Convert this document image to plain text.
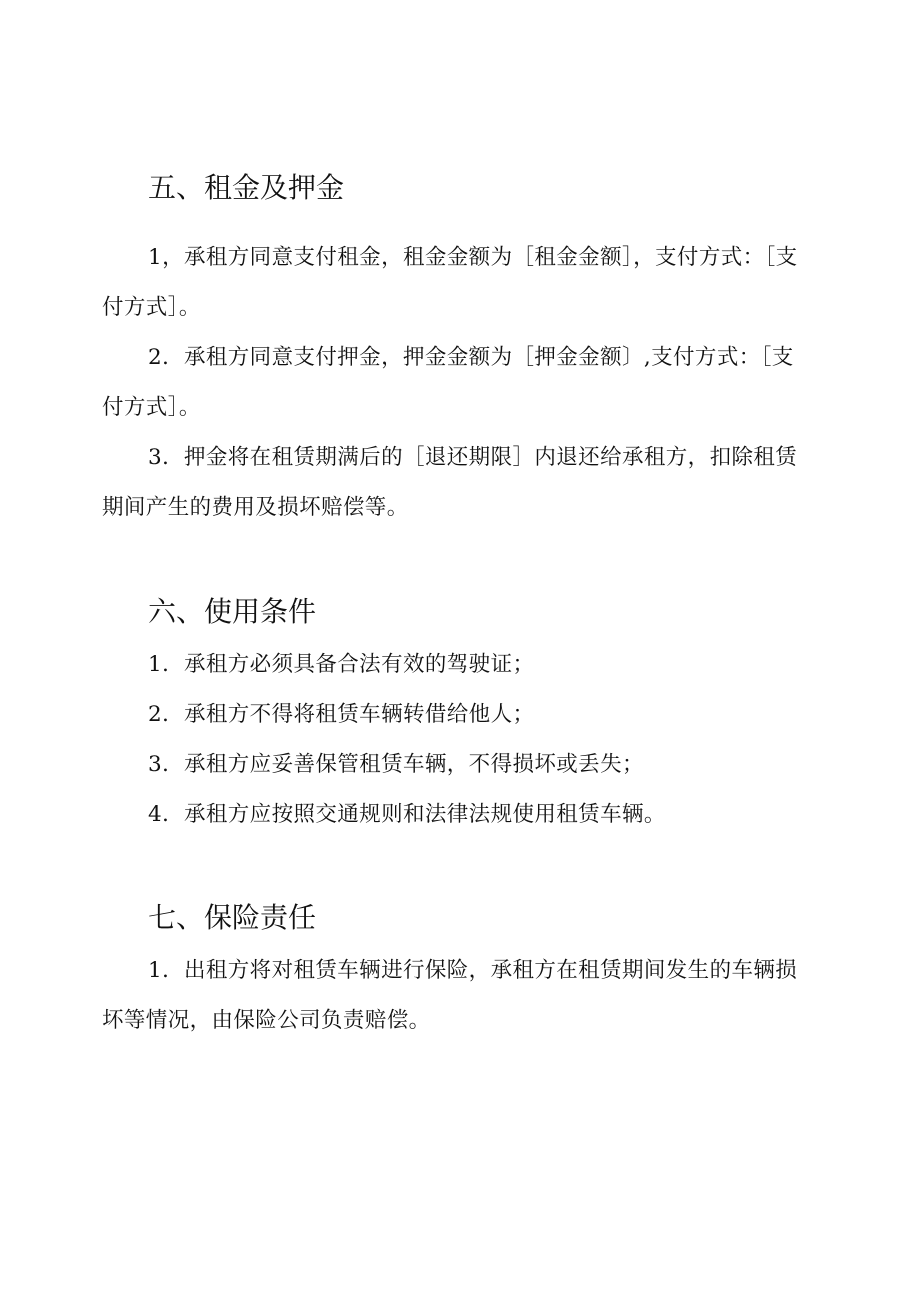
五、租金及押金

1，承租方同意支付租金，租金金额为［租金金额］，支付方式：［支付方式］。

2．承租方同意支付押金，押金金额为［押金金额〕,支付方式：［支付方式］。

3．押金将在租赁期满后的［退还期限］内退还给承租方，扣除租赁期间产生的费用及损坏赔偿等。

六、使用条件

1．承租方必须具备合法有效的驾驶证；

2．承租方不得将租赁车辆转借给他人；

3．承租方应妥善保管租赁车辆，不得损坏或丢失；

4．承租方应按照交通规则和法律法规使用租赁车辆。

七、保险责任

1．出租方将对租赁车辆进行保险，承租方在租赁期间发生的车辆损坏等情况，由保险公司负责赔偿。
